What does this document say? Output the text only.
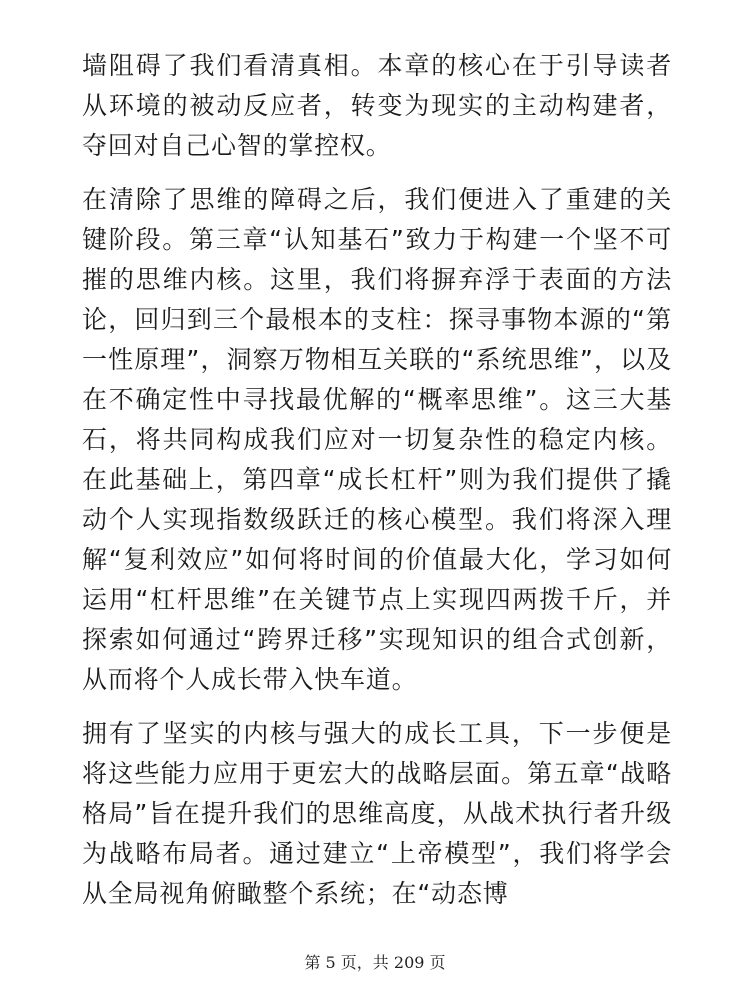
墙阻碍了我们看清真相。本章的核心在于引导读者从环境的被动反应者，转变为现实的主动构建者，夺回对自己心智的掌控权。

在清除了思维的障碍之后，我们便进入了重建的关键阶段。第三章“认知基石”致力于构建一个坚不可摧的思维内核。这里，我们将摒弃浮于表面的方法论，回归到三个最根本的支柱：探寻事物本源的“第一性原理”，洞察万物相互关联的“系统思维”，以及在不确定性中寻找最优解的“概率思维”。这三大基石，将共同构成我们应对一切复杂性的稳定内核。在此基础上，第四章“成长杠杆”则为我们提供了撬动个人实现指数级跃迁的核心模型。我们将深入理解“复利效应”如何将时间的价值最大化，学习如何运用“杠杆思维”在关键节点上实现四两拨千斤，并探索如何通过“跨界迁移”实现知识的组合式创新，从而将个人成长带入快车道。

拥有了坚实的内核与强大的成长工具，下一步便是将这些能力应用于更宏大的战略层面。第五章“战略格局”旨在提升我们的思维高度，从战术执行者升级为战略布局者。通过建立“上帝模型”，我们将学会从全局视角俯瞰整个系统；在“动态博

第 5 页，共 209 页
